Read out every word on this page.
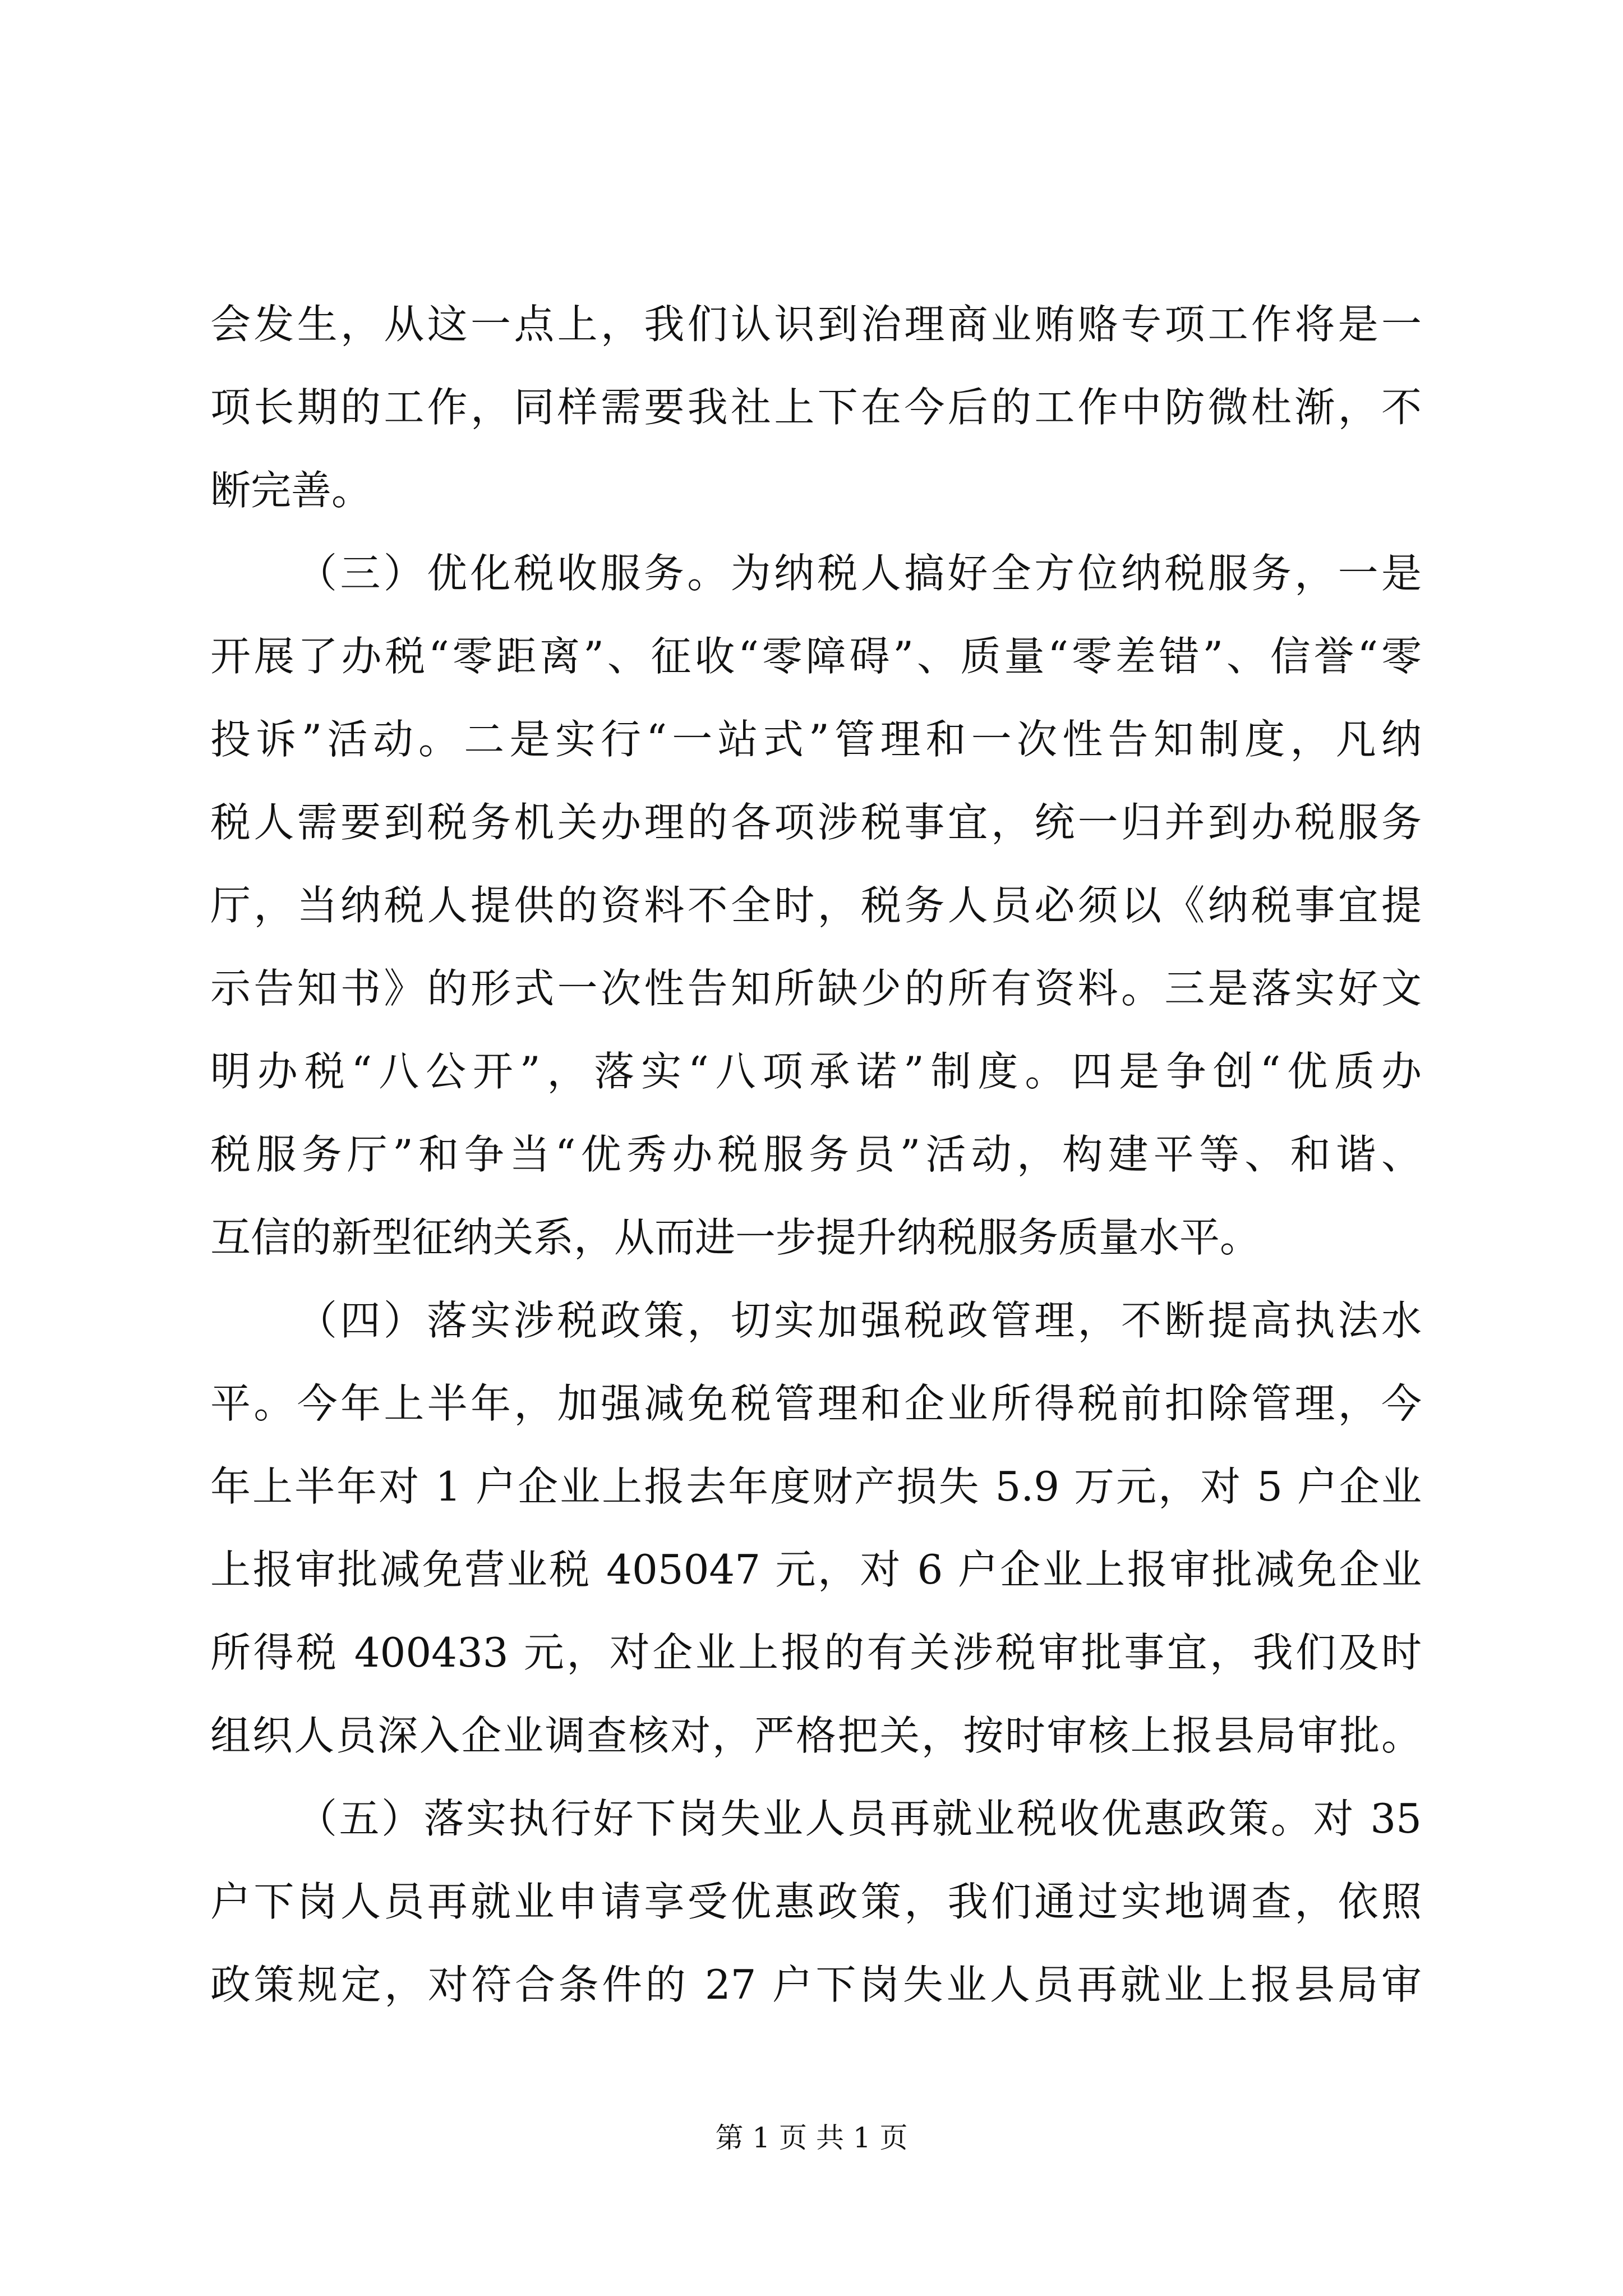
会发生，从这一点上，我们认识到治理商业贿赂专项工作将是一
项长期的工作，同样需要我社上下在今后的工作中防微杜渐，不
断完善。
（三）优化税收服务。为纳税人搞好全方位纳税服务，一是
开展了办税“零距离”、征收“零障碍”、质量“零差错”、信誉“零
投诉”活动。二是实行“一站式”管理和一次性告知制度，凡纳
税人需要到税务机关办理的各项涉税事宜，统一归并到办税服务
厅，当纳税人提供的资料不全时，税务人员必须以《纳税事宜提
示告知书》的形式一次性告知所缺少的所有资料。三是落实好文
明办税“八公开”，落实“八项承诺”制度。四是争创“优质办
税服务厅”和争当“优秀办税服务员”活动，构建平等、和谐、
互信的新型征纳关系，从而进一步提升纳税服务质量水平。
（四）落实涉税政策，切实加强税政管理，不断提高执法水
平。今年上半年，加强减免税管理和企业所得税前扣除管理，今
年上半年对 1 户企业上报去年度财产损失 5.9 万元，对 5 户企业
上报审批减免营业税 405047 元，对 6 户企业上报审批减免企业
所得税 400433 元，对企业上报的有关涉税审批事宜，我们及时
组织人员深入企业调查核对，严格把关，按时审核上报县局审批。
（五）落实执行好下岗失业人员再就业税收优惠政策。对 35
户下岗人员再就业申请享受优惠政策，我们通过实地调查，依照
政策规定，对符合条件的 27 户下岗失业人员再就业上报县局审
第 1 页 共 1 页
